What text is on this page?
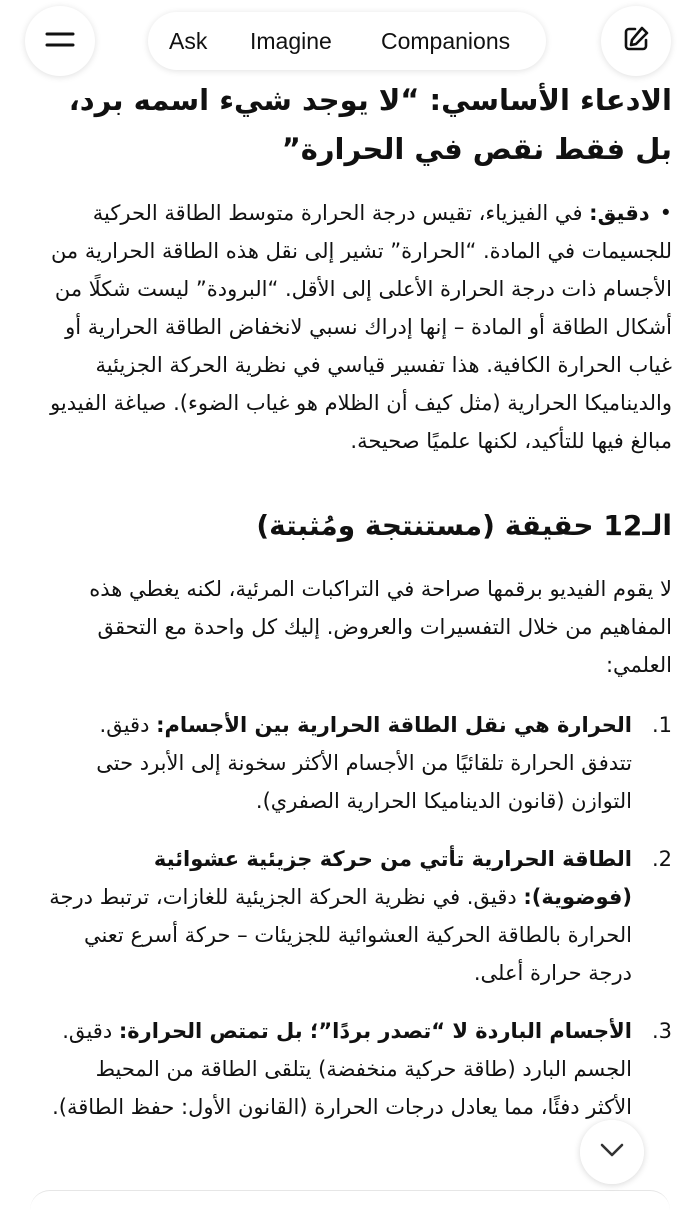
Ask Imagine Companions
الادعاء الأساسي: “لا يوجد شيء اسمه برد، بل فقط نقص في الحرارة”

•دقيق: في الفيزياء، تقيس درجة الحرارة متوسط الطاقة الحركية للجسيمات في المادة. “الحرارة” تشير إلى نقل هذه الطاقة الحرارية من الأجسام ذات درجة الحرارة الأعلى إلى الأقل. “البرودة” ليست شكلًا من أشكال الطاقة أو المادة – إنها إدراك نسبي لانخفاض الطاقة الحرارية أو غياب الحرارة الكافية. هذا تفسير قياسي في نظرية الحركة الجزيئية والديناميكا الحرارية (مثل كيف أن الظلام هو غياب الضوء). صياغة الفيديو مبالغ فيها للتأكيد، لكنها علميًا صحيحة.

الـ12 حقيقة (مستنتجة ومُثبتة)

لا يقوم الفيديو برقمها صراحة في التراكبات المرئية، لكنه يغطي هذه المفاهيم من خلال التفسيرات والعروض. إليك كل واحدة مع التحقق العلمي:

1.

الحرارة هي نقل الطاقة الحرارية بين الأجسام: دقيق. تتدفق الحرارة تلقائيًا من الأجسام الأكثر سخونة إلى الأبرد حتى التوازن (قانون الديناميكا الحرارية الصفري).

2.

الطاقة الحرارية تأتي من حركة جزيئية عشوائية (فوضوية): دقيق. في نظرية الحركة الجزيئية للغازات، ترتبط درجة الحرارة بالطاقة الحركية العشوائية للجزيئات – حركة أسرع تعني درجة حرارة أعلى.

3.

الأجسام الباردة لا “تصدر بردًا”؛ بل تمتص الحرارة: دقيق. الجسم البارد (طاقة حركية منخفضة) يتلقى الطاقة من المحيط الأكثر دفئًا، مما يعادل درجات الحرارة (القانون الأول: حفظ الطاقة).
